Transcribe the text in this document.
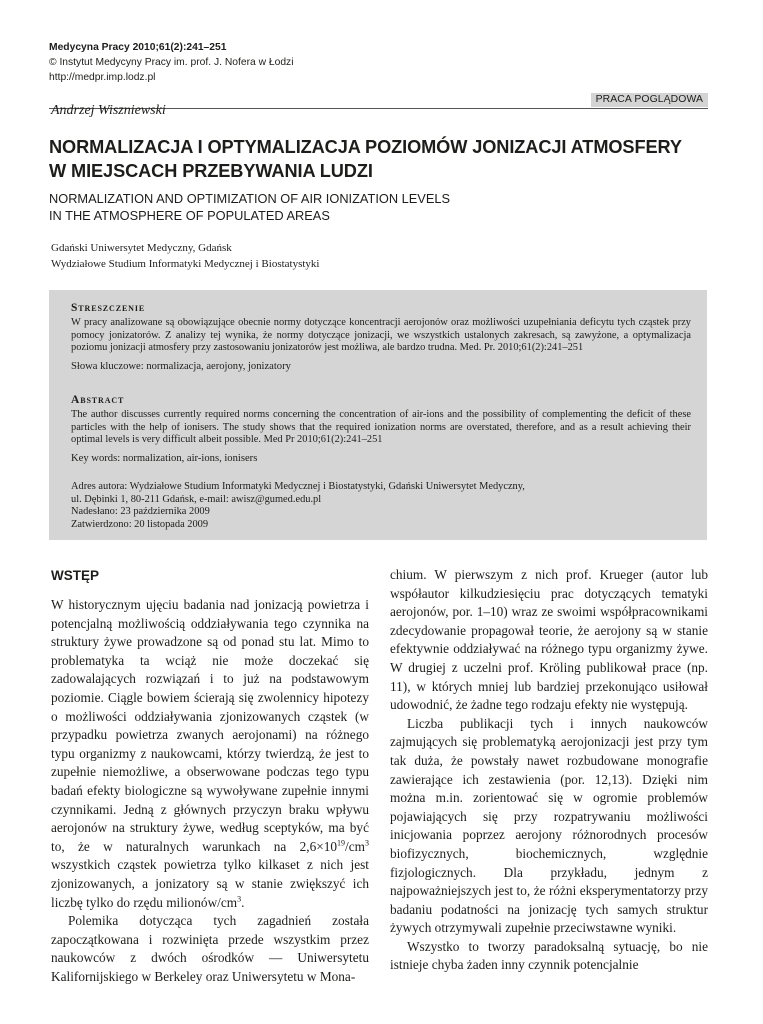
Medycyna Pracy 2010;61(2):241–251
© Instytut Medycyny Pracy im. prof. J. Nofera w Łodzi
http://medpr.imp.lodz.pl
PRACA POGLĄDOWA
Andrzej Wiszniewski
NORMALIZACJA I OPTYMALIZACJA POZIOMÓW JONIZACJI ATMOSFERY
W MIEJSCACH PRZEBYWANIA LUDZI
NORMALIZATION AND OPTIMIZATION OF AIR IONIZATION LEVELS
IN THE ATMOSPHERE OF POPULATED AREAS
Gdański Uniwersytet Medyczny, Gdańsk
Wydziałowe Studium Informatyki Medycznej i Biostatystyki
Streszczenie
W pracy analizowane są obowiązujące obecnie normy dotyczące koncentracji aerojonów oraz możliwości uzupełniania deficytu tych cząstek przy pomocy jonizatorów. Z analizy tej wynika, że normy dotyczące jonizacji, we wszystkich ustalonych zakresach, są zawyżone, a optymalizacja poziomu jonizacji atmosfery przy zastosowaniu jonizatorów jest możliwa, ale bardzo trudna. Med. Pr. 2010;61(2):241–251
Słowa kluczowe: normalizacja, aerojony, jonizatory
Abstract
The author discusses currently required norms concerning the concentration of air-ions and the possibility of complementing the deficit of these particles with the help of ionisers. The study shows that the required ionization norms are overstated, therefore, and as a result achieving their optimal levels is very difficult albeit possible. Med Pr 2010;61(2):241–251
Key words: normalization, air-ions, ionisers
Adres autora: Wydziałowe Studium Informatyki Medycznej i Biostatystyki, Gdański Uniwersytet Medyczny,
ul. Dębinki 1, 80-211 Gdańsk, e-mail: awisz@gumed.edu.pl
Nadesłano: 23 października 2009
Zatwierdzono: 20 listopada 2009
WSTĘP

W historycznym ujęciu badania nad jonizacją powietrza i potencjalną możliwością oddziaływania tego czynnika na struktury żywe prowadzone są od ponad stu lat. Mimo to problematyka ta wciąż nie może doczekać się zadowalających rozwiązań i to już na podstawowym poziomie. Ciągle bowiem ścierają się zwolennicy hipotezy o możliwości oddziaływania zjonizowanych cząstek (w przypadku powietrza zwanych aerojonami) na różnego typu organizmy z naukowcami, którzy twierdzą, że jest to zupełnie niemożliwe, a obserwowane podczas tego typu badań efekty biologiczne są wywoływane zupełnie innymi czynnikami. Jedną z głównych przyczyn braku wpływu aerojonów na struktury żywe, według sceptyków, ma być to, że w naturalnych warunkach na $2,6\times 10^{19}/cm^3$ wszystkich cząstek powietrza tylko kilkaset z nich jest zjonizowanych, a jonizatory są w stanie zwiększyć ich liczbę tylko do rzędu milionów/$cm^3$.

Polemika dotycząca tych zagadnień została zapoczątkowana i rozwinięta przede wszystkim przez naukowców z dwóch ośrodków — Uniwersytetu Kalifornijskiego w Berkeley oraz Uniwersytetu w Mona-

chium. W pierwszym z nich prof. Krueger (autor lub współautor kilkudziesięciu prac dotyczących tematyki aerojonów, por. 1–10) wraz ze swoimi współpracownikami zdecydowanie propagował teorie, że aerojony są w stanie efektywnie oddziaływać na różnego typu organizmy żywe. W drugiej z uczelni prof. Kröling publikował prace (np. 11), w których mniej lub bardziej przekonująco usiłował udowodnić, że żadne tego rodzaju efekty nie występują.

Liczba publikacji tych i innych naukowców zajmujących się problematyką aerojonizacji jest przy tym tak duża, że powstały nawet rozbudowane monografie zawierające ich zestawienia (por. 12,13). Dzięki nim można m.in. zorientować się w ogromie problemów pojawiających się przy rozpatrywaniu możliwości inicjowania poprzez aerojony różnorodnych procesów biofizycznych, biochemicznych, względnie fizjologicznych. Dla przykładu, jednym z najpoważniejszych jest to, że różni eksperymentatorzy przy badaniu podatności na jonizację tych samych struktur żywych otrzymywali zupełnie przeciwstawne wyniki.

Wszystko to tworzy paradoksalną sytuację, bo nie istnieje chyba żaden inny czynnik potencjalnie
